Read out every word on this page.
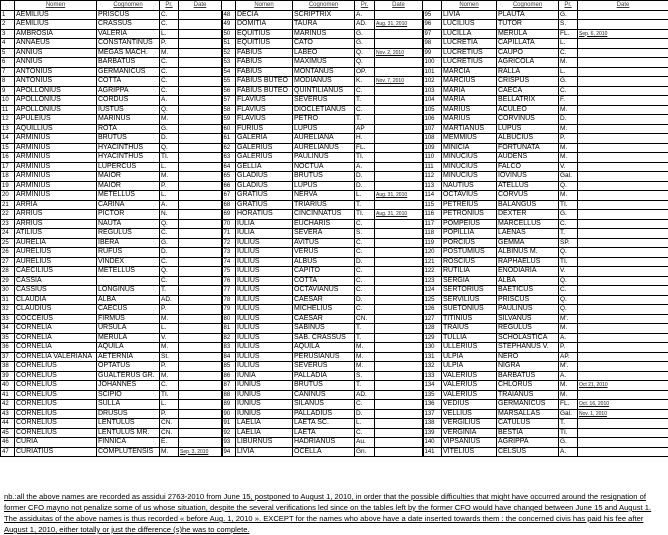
	Nomen	Cognomen	Pr.	Date		Nomen	Cognomen	Pr.	Date		Nomen	Cognomen	Pr.	Date
1	AEMILIUS	PRISCUS	C.		48	DECIA	SCRIPTRIX	A.		95	LIVIA	PLAUTA	G.	
2	AEMILIUS	CRASSUS	C.		49	DOMITIA	TAURA	AD.	Aug. 31, 2010	96	LUCILIUS	TUTOR	S.	
3	AMBROSIA	VALERIA	L.		50	EQUITIUS	MARINUS	G.		97	LUCILLA	MERULA	FL.	Sep. 6, 2010
4	ANNAEUS	CONSTANTINUS	P.		51	EQUITIUS	CATO	G.		98	LUCRETIA	CAPILLATA	L.	
5	ANNIUS	MEGAS MACH.	M.		52	FABIUS	LABEO	Q.	Nov. 2, 2010	99	LUCRETIUS	CAUPO	C.	
6	ANNIUS	BARBATUS	C.		53	FABIUS	MAXIMUS	Q.		100	LUCRETIUS	AGRICOLA	M.	
7	ANTONIUS	GERMANICUS	C.		54	FABIUS	MONTANUS	OP.		101	MARCIA	RALLA	L.	
8	ANTONIUS	COTTA	C.		55	FABIUS BUTEO	MODIANUS	K.	Nov. 7, 2010	102	MARCIUS	CRISPUS	G.	
9	APOLLONIUS	AGRIPPA	C.		56	FABIUS BUTEO	QUINTILIANUS	C.		103	MARIA	CAECA	C.	
10	APOLLONIUS	CORDUS	A.		57	FLAVIUS	SEVERUS	T.		104	MARIA	BELLATRIX	F.	
11	APOLLONIUS	IUSTUS	Q.		58	FLAVIUS	DIOCLETIANUS	C.		105	MARIUS	ACULEO	M.	
12	APULEIUS	MARINUS	M.		59	FLAVIUS	PETRO	T.		106	MARIUS	CORVINUS	D.	
13	AQUILLIUS	ROTA	G.		60	FURIUS	LUPUS	AP		107	MARTIANUS	LUPUS	M.	
14	ARMINIUS	BRUTUS	D.		61	GALERIA	AURELIANA	H.		108	MEMMIUS	ALBUCIUS	P.	
15	ARMINIUS	HYACINTHUS	Q.		62	GALERIUS	AURELIANUS	FL.		109	MINICIA	FORTUNATA	M.	
16	ARMINIUS	HYACINTHUS	TI.		63	GALERIUS	PAULINUS	TI.		110	MINUCIUS	AUDENS	M.	
17	ARMINIUS	LUPERCUS	L.		64	GELLIA	NOCTUA	A.		111	MINUCIUS	FALCO	V.	
18	ARMINIUS	MAIOR	M.		65	GLADIUS	BRUTUS	D.		112	MINUCIUS	IOVINUS	Gal.	
19	ARMINIUS	MAIOR	P.		66	GLADIUS	LUPUS	D.		113	NAUTIUS	ATELLUS	Q.	
20	ARMINIUS	METELLUS	L.		67	GRATIUS	NERVA	L.	Aug. 31, 2010	114	OCTAVIUS	CORVUS	M.	
21	ARRIA	CARINA	A.		68	GRATIUS	TRIARIUS	T.		115	PETREIUS	BALANGUS	TI.	
22	ARRIUS	PICTOR	N.		69	HORATIUS	CINCINNATUS	TI.	Aug. 31, 2010	116	PETRONIUS	DEXTER	G.	
23	ARRIUS	NAUTA	Q.		70	IULIA	EUCHARIS	C.		117	POMPEIUS	MARCELLUS	C.	
24	ATILIUS	REGULUS	C.		71	IULIA	SEVERA	S.		118	POPILLIA	LAENAS	T.	
25	AURELIA	IBERA	G.		72	IULIUS	AVITUS	C.		119	PORCIUS	GEMMA	SP.	
26	AURELIUS	RUFUS	D.		73	IULIUS	VERUS	C.		120	POSTUMIUS	ALBINUS M.	Q.	
27	AURELIUS	VINDEX	C.		74	IULIUS	ALBUS	D.		121	ROSCIUS	RAPHAELUS	TI.	
28	CAECILIUS	METELLUS	Q.		75	IULIUS	CAPITO	C.		122	RUTILIA	ENODIARIA	V.	
29	CASSIA		C.		76	IULIUS	COTTA	C.		123	SERGIA	ALBA	Q.	
30	CASSIUS	LONGINUS	T.		77	IULIUS	OCTAVIANUS	C.		124	SERTORIUS	BAETICUS	C.	
31	CLAUDIA	ALBA	AD.		78	IULIUS	CAESAR	D.		125	SERVILIUS	PRISCUS	Q.	
32	CLAUDIUS	CAECUS	P.		79	IULIUS	MICHELIUS	C.		126	SUETONIUS	PAULINUS	Q.	
33	COCCEIUS	FIRMUS	M.		80	IULIUS	CAESAR	CN.		127	TITINIUS	SILVANUS	M'.	
34	CORNELIA	URSULA	L.		81	IULIUS	SABINUS	T.		128	TRAIUS	REGULUS	M.	
35	CORNELIA	MERULA	V.		82	IULIUS	SAB. CRASSUS	T.		129	TULLIA	SCHOLASTICA	A.	
36	CORNELIA	AQUILA	M.		83	IULIUS	AQUILA	M.		130	ULLERIUS	STEPHANUS V.	P.	
37	CORNELIA VALERIANA	AETERNIA	St.		84	IULIUS	PERUSIANUS	M.		131	ULPIA	NERO	AP.	
38	CORNELIUS	OPTATUS	P.		85	IULIUS	SEVERUS	M.		132	ULPIA	NIGRA	M'.	
39	CORNELIUS	GUALTERUS GR.	M.		86	IUNIA	PALLADIA	S.		133	VALERIUS	BARBATUS	A.	
40	CORNELIUS	JOHANNES	C.		87	IUNIUS	BRUTUS	T.		134	VALERIUS	CHLORUS	M.	Oct 21, 2010
41	CORNELIUS	SCIPIO	TI.		88	IUNIUS	CANINUS	AD.		135	VALERIUS	TRAIANUS	M.	
42	CORNELIUS	SULLA	L.		89	IUNIUS	SILANUS	C.		136	VEDIUS	GERMANICUS	FL.	Oct. 16, 2010
43	CORNELIUS	DRUSUS	P.		90	IUNIUS	PALLADIUS	D.		137	VELLIUS	MARSALLAS	Gal.	Nov. 1, 2010
44	CORNELIUS	LENTULUS	CN.		91	LAELIA	LAETA SC.	L.		138	VERGILIUS	CATULUS	T.	
45	CORNELIUS	LENTULUS MR.	CN.		92	LAELIA	LAETA	C.		139	VERGINIA	BESTIA	TI.	
46	CURIA	FINNICA	E.		93	LIBURNUS	HADRIANUS	Au.		140	VIPSANIUS	AGRIPPA	G.	
47	CURIATIUS	COMPLUTENSIS	M.	Sep. 3, 2010	94	LIVIA	OCELLA	Gn.		141	VITELIUS	CELSUS	A.	
nb.:all the above names are recorded as assidui 2763-2010 from June 15, postponed to August 1, 2010, in order that the possible difficulties that might have occurred around the resignation of former CFO mayno not penalize some of us whose situation, despite the several verifications led since on the tables left by the former CFO would have changed between June 15 and August 1. The assiduitas of the above names is thus recorded « before Aug. 1, 2010 ». EXCEPT for the names who above have a date inserted towards them : the concerned civis has paid his fee after August 1, 2010, either totally or just the difference (s)he was to complete.
